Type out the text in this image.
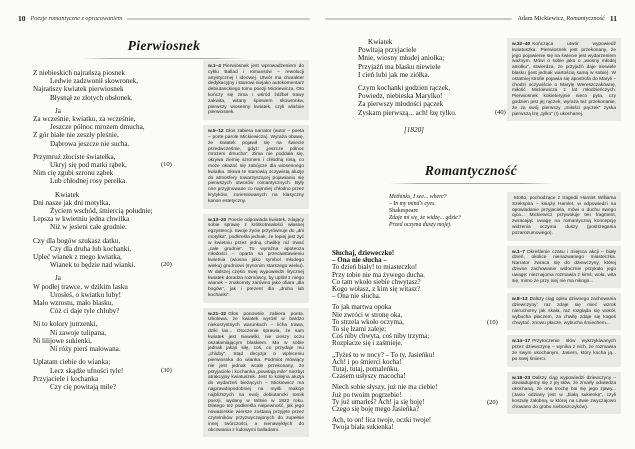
10 Poezje romantyczne z opracowaniem
Pierwiosnek
Z niebieskich najrańszą piosnek
Ledwie zadzwonił skowronek,
Najrańszy kwiatek pierwiosnek
Błysnął ze złotych obsłonek.
Ja
Za wcześnie, kwiatku, za wcześnie,
Jeszcze północ mrozem dmucha,
Z gór białe nie zeszły pleśnie,
Dąbrowa jeszcze nie sucha.
Przymruż złociste światełka,
Ukryj się pod matki rąbek,	(10)
Nim cię zgubi szronu ząbek
Lub chłodnej rosy perełka.
Kwiatek
Dni nasze jak dni motylka,
Życiem wschód, śmiercią południe;
Lepsza w kwietniu jedna chwilka
Niż w jesieni całe grudnie.
Czy dla bogów szukasz datku,
Czy dla druha lub kochanki,
Upleć wianek z mego kwiatka,
Wianek to będzie nad wianki.	(20)
Ja
W podłej trawce, w dzikim lasku
Urosłeś, o kwiatku luby!
Mało wzrostu, mało blasku,
Cóż ci daje tyle chluby?
Ni to kolory jutrzenki,
Ni zawoje tulipana,
Ni lilijowe sukienki,
Ni róży pierś malowana.
Uplatam ciebie do wianka;
Lecz skądże ufności tyle!	(30)
Przyjaciele i kochanka
Czy cię powitają mile?
w.1–4 Pierwiosnek jest wprowadzeniem do cyklu Ballad i romansów – rewolucji artystycznej i ideowej. Utwór ma charakter dedykacyjny i stanowi niejako autokomentarz debiutanckiego tomu poezji Mickiewicza. Oto kończy się zima i wśród źdźbeł trawy zakwita, witany śpiewem skowronka, pierwszy wiosenny kwiatek, czyli właśnie pierwiosnek.
w.5–12 Głos zabiera narrator (autor – poeta – porte parole Mickiewicza). Wyraża obawę, że kwiatek pojawił się na świecie przedwcześnie, gdyż: „jeszcze północ mrozem dmucha”. Zima nie poddała się, okrywa ziemię szronem i chłodną rosą, co może okazać się zabójcze dla wiosennego kwiatka. Słowa te stanowią oczywistą aluzję do atmosfery towarzyszącej pojawianiu się pierwszych utworów romantycznych. Były one przyjmowane co najmniej chłodno przez krytyków, zorientowanych na klasyczny kanon estetyczny.
w.13–20 Poecie odpowiada kwiatek, zdający sobie sprawę z krótkotrwałości własnej egzystencji. Swoje życie przyrównuje do „dni motylka”, podkreśla jednak, że lepiej jest żyć w kwietniu przez jedną chwilkę niż trwać „całe grudnie”. To wyraźna apoteoza młodości – oparta na przeciwstawieniu kwietnia (wiosna jako symbol młodego wieku) grudniowi (synonim starszego wieku). W dalszej części swej wypowiedzi lirycznej kwiatek doradza rozmówcy, by uplótł z niego wianek – znakomity zarówno jako ofiara „dla bogów”, jak i prezent dla „druha lub kochanki”.
w.21–32 Głos ponownie zabiera poeta. Ubolewa, że kwiatek wyrósł w bardzo niekorzystnych warunkach – licha trawa, dziki las... Otoczenie sprawia, że sam kwiatek jest niewielki, nie cieszy oczu oszałamiającym blaskiem. Ma w sobie jednak jakąś siłę, coś, co przydaje mu „chluby”. Stąd decyzja o wpleceniu pierwiosnka do wianka. Podmiot mówiący nie jest jednak wcale przekonany, że przyjaciele i kochanka „powitają mile” niezbyt atrakcyjny kwiatuszek. Jest to kolejna aluzja do wydarzeń bieżących – Mickiewicz ma najprawdopodobniej na myśli reakcje najbliższych na swój debiutancki tomik poezji, wydany w Wilnie w 1822 roku. Dlatego też podkreśla niepewność, jak jego nowatorskie wiersze zostaną przyjęte przez czytelników przyzwyczajonych do zupełnie innej twórczości, a nienawykłych do obcowania z ludowymi balladami.
Adam Mickiewicz, Romantyczność 11
Kwiatek
Powitają przyjaciele
Mnie, wiosny młodej aniołka;
Przyjaźń ma blasku niewiele
I cień lubi jak me ziółka.
Czym kochanki godzien rączek,
Powiedz, niebieska Marylko!
Za pierwszy młodości pączek
Zyskam pierwszą... ach! łzę tylko.	(40)
[1820]
w.32–40 Kończąca utwór wypowiedź kwiatuszka. Pierwiosnek jest przekonany, że jego pojawienie się na świecie jest wydarzeniem ważnym. Mówi o sobie jako o „wiosny młodej aniołku”, stwierdza, że przyjaźń daje niewiele blasku (jest jednak wartością samą w sobie). W ostatniej strofie pojawia się apostrofa do Maryli – chodzi oczywiście o Marylę Wereszczakównę, miłość Mickiewicza z lat młodzieńczych. Pierwiosnek kokieteryjnie nieco pyta, czy godzien jest jej rączek, wyraża też przekonanie, że za swój pierwszy „miłości pączek” zyska pierwszą łzę „tylko” (!) ukochanej.
Romantyczność
Methinks, I see... where?
– In my mind's eyes.
Shakespeare
Zdaje mi się, że widzę... gdzie?
Przed oczyma duszy mojej.
Słuchaj, dzieweczko!
– Ona nie słucha –
To dzień biały! to miasteczko!
Przy tobie nie ma żywego ducha.
Co tam wkoło siebie chwytasz?
Kogo wołasz, z kim się witasz?
– Ona nie słucha.
To jak martwa opoka
Nie zwróci w stronę oka,
To strzela wkoło oczyma,	(10)
To się łzami zaleje;
Coś niby chwyta, coś niby trzyma;
Rozpłacze się i zaśmieje.
„Tyżeś to w nocy? – To ty, Jasieńku!
Ach! i po śmierci kocha!
Tutaj, tutaj, pomaleńku,
Czasem usłyszy macocha!
Niech sobie słyszy, już nie ma ciebie!
Już po twoim pogrzebie!
Ty już umarłeś? Ach! ja się boję!	(20)
Czego się boję mego Jasieńka?
Ach, to on! lica twoje, oczki twoje!
Twoja biała sukienka!
Motto, pochodzące z tragedii Hamlet Williama Szekspira – książę Hamlet, w odpowiedzi na opowiadanie przyjaciela, mówi o duchu swego ojca... Mickiewicz przywołuje ten fragment, zwracając uwagę na romantyczną koncepcję widzenia oczyma duszy (postrzegania pozarozumowego).
w.1–7 Określenie czasu i miejsca akcji – biały dzień, okolice nienazwanego miasteczka. Narrator zwraca się do dziewczyny, której dziwne zachowanie widocznie przykuło jego uwagę: nieznajoma rozmawia z kimś, woła, wita się, mimo że przy niej nie ma nikogo...
w.8–13 Dalszy ciąg opisu dziwnego zachowania dziewczyny: raz zdaje się mieć wzrok nieruchomy jak skała, raz rozgląda się wokół, wybucha płaczem, za chwilę zdaje się kogoś chwytać, znowu płacze, wybucha śmiechem...
w.14–17 Przytoczenie słów wykrzykiwanych przez dziewczynę – wynika z nich, że rozmawia ze swym ukochanym, Jasiem, który kocha ją... po swej śmierci.
w.18–23 Dalszy ciąg wypowiedzi dziewczyny – dowiadujemy się z jej słów, że zmarły odwiedza ukochaną, że ona trochę boi się jego zjawy... (Jasio odziany jest w „białą sukienkę”, czyli koszulę żałobną, w której na Litwie zwyczajowo chowano do grobu nieboszczyków).
